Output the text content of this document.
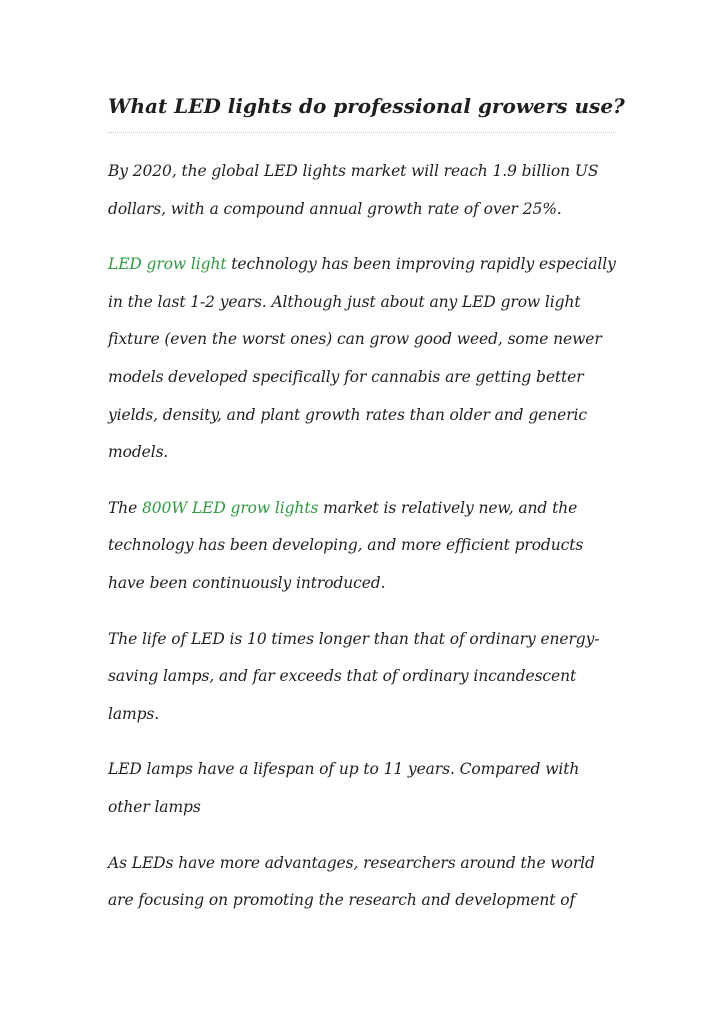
What LED lights do professional growers use?

By 2020, the global LED lights market will reach 1.9 billion US dollars, with a compound annual growth rate of over 25%.

LED grow light technology has been improving rapidly especially in the last 1-2 years. Although just about any LED grow light fixture (even the worst ones) can grow good weed, some newer models developed specifically for cannabis are getting better yields, density, and plant growth rates than older and generic models.

The 800W LED grow lights market is relatively new, and the technology has been developing, and more efficient products have been continuously introduced.

The life of LED is 10 times longer than that of ordinary energy-saving lamps, and far exceeds that of ordinary incandescent lamps.

LED lamps have a lifespan of up to 11 years. Compared with other lamps

As LEDs have more advantages, researchers around the world are focusing on promoting the research and development of
